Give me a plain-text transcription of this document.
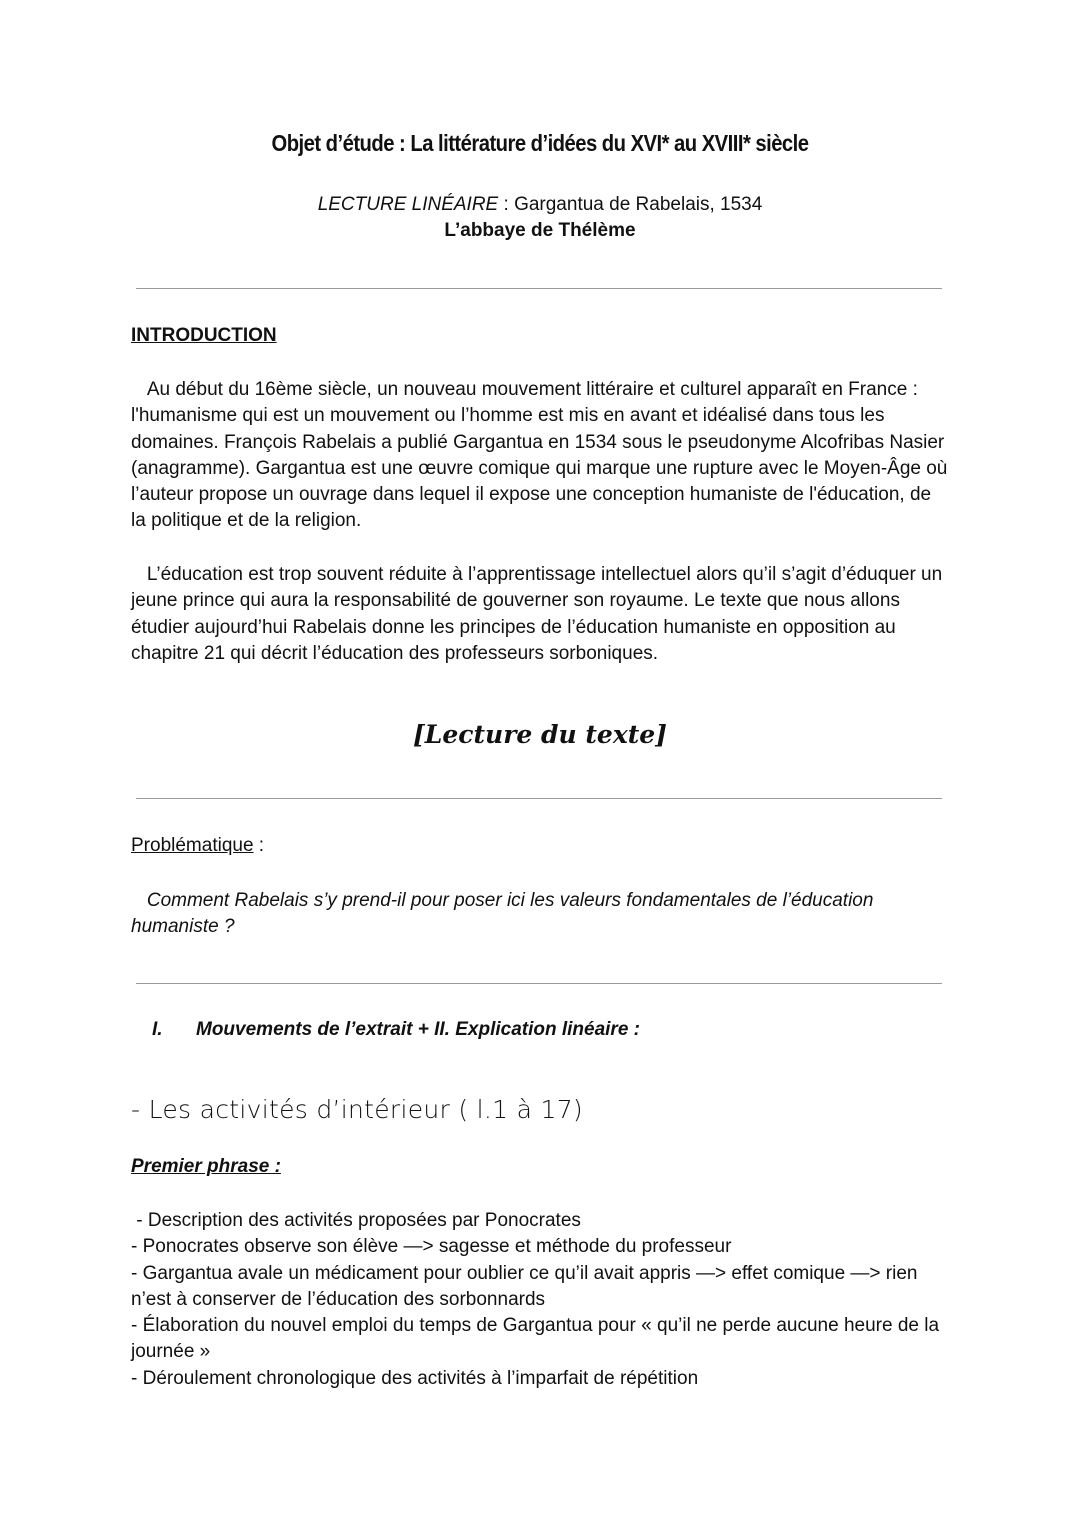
Objet d’étude : La littérature d’idées du XVI* au XVIII* siècle
LECTURE LINÉAIRE : Gargantua de Rabelais, 1534
L’abbaye de Thélème
INTRODUCTION
Au début du 16ème siècle, un nouveau mouvement littéraire et culturel apparaît en France : l'humanisme qui est un mouvement ou l’homme est mis en avant et idéalisé dans tous les domaines. François Rabelais a publié Gargantua en 1534 sous le pseudonyme Alcofribas Nasier (anagramme). Gargantua est une œuvre comique qui marque une rupture avec le Moyen-Âge où l’auteur propose un ouvrage dans lequel il expose une conception humaniste de l'éducation, de la politique et de la religion.
L’éducation est trop souvent réduite à l’apprentissage intellectuel alors qu’il s’agit d’éduquer un jeune prince qui aura la responsabilité de gouverner son royaume. Le texte que nous allons étudier aujourd’hui Rabelais donne les principes de l’éducation humaniste en opposition au chapitre 21 qui décrit l’éducation des professeurs sorboniques.
[Lecture du texte]
Problématique :
Comment Rabelais s’y prend-il pour poser ici les valeurs fondamentales de l’éducation humaniste ?
I. Mouvements de l’extrait + II. Explication linéaire :
- Les activités d’intérieur ( l.1 à 17)
Premier phrase :

- Description des activités proposées par Ponocrates

- Ponocrates observe son élève —> sagesse et méthode du professeur

- Gargantua avale un médicament pour oublier ce qu’il avait appris —> effet comique —> rien n’est à conserver de l’éducation des sorbonnards

- Élaboration du nouvel emploi du temps de Gargantua pour « qu’il ne perde aucune heure de la journée »

- Déroulement chronologique des activités à l’imparfait de répétition
